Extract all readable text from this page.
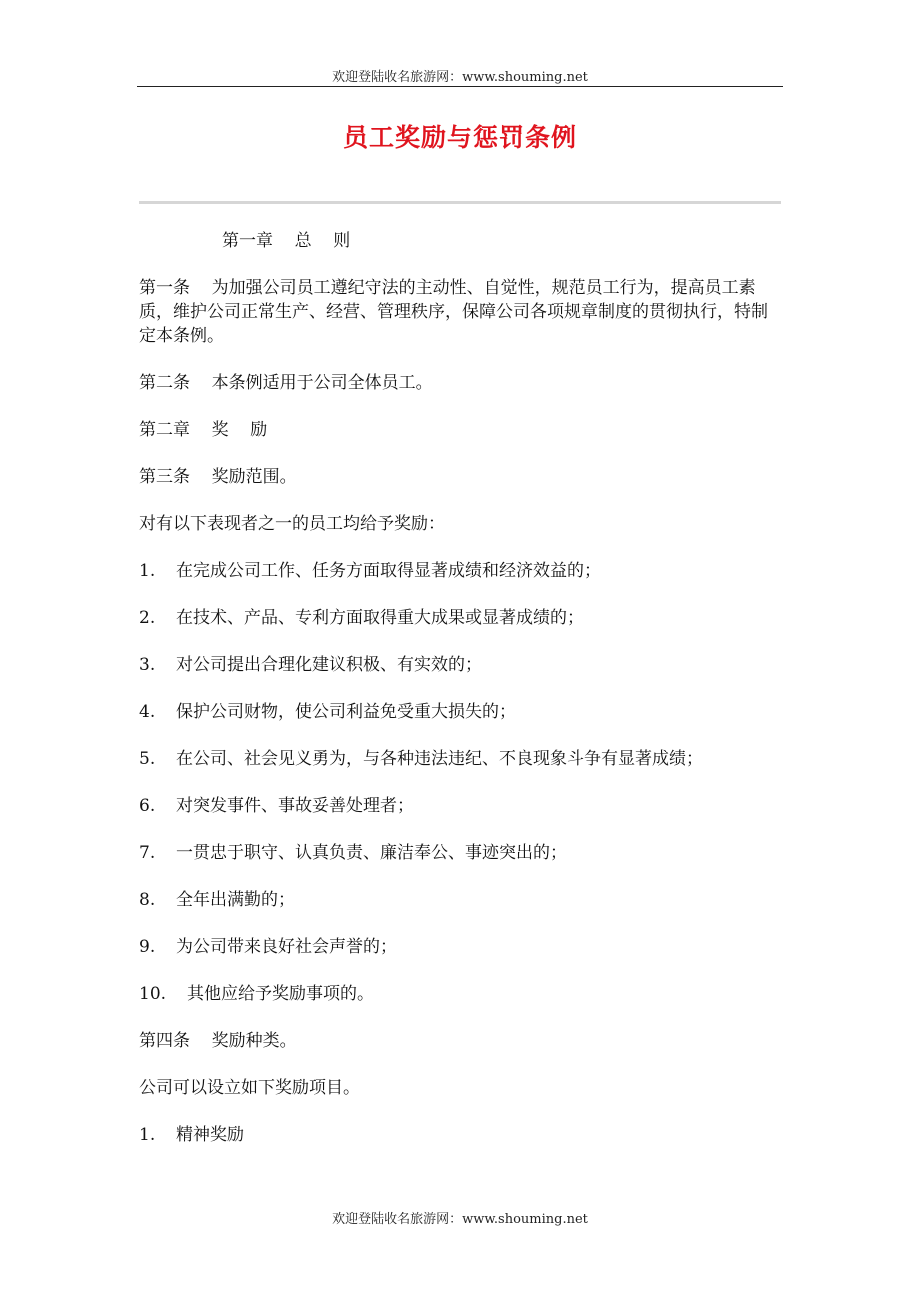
欢迎登陆收名旅游网：www.shouming.net
员工奖励与惩罚条例

第一章    总    则

第一条    为加强公司员工遵纪守法的主动性、自觉性，规范员工行为，提高员工素质，维护公司正常生产、经营、管理秩序，保障公司各项规章制度的贯彻执行，特制定本条例。

第二条    本条例适用于公司全体员工。

第二章    奖    励

第三条    奖励范围。

对有以下表现者之一的员工均给予奖励：

1.	在完成公司工作、任务方面取得显著成绩和经济效益的；
2.	在技术、产品、专利方面取得重大成果或显著成绩的；
3.	对公司提出合理化建议积极、有实效的；
4.	保护公司财物，使公司利益免受重大损失的；
5.	在公司、社会见义勇为，与各种违法违纪、不良现象斗争有显著成绩；
6.	对突发事件、事故妥善处理者；
7.	一贯忠于职守、认真负责、廉洁奉公、事迹突出的；
8.	全年出满勤的；
9.	为公司带来良好社会声誉的；
10.	其他应给予奖励事项的。

第四条    奖励种类。

公司可以设立如下奖励项目。

1.	精神奖励
欢迎登陆收名旅游网：www.shouming.net
